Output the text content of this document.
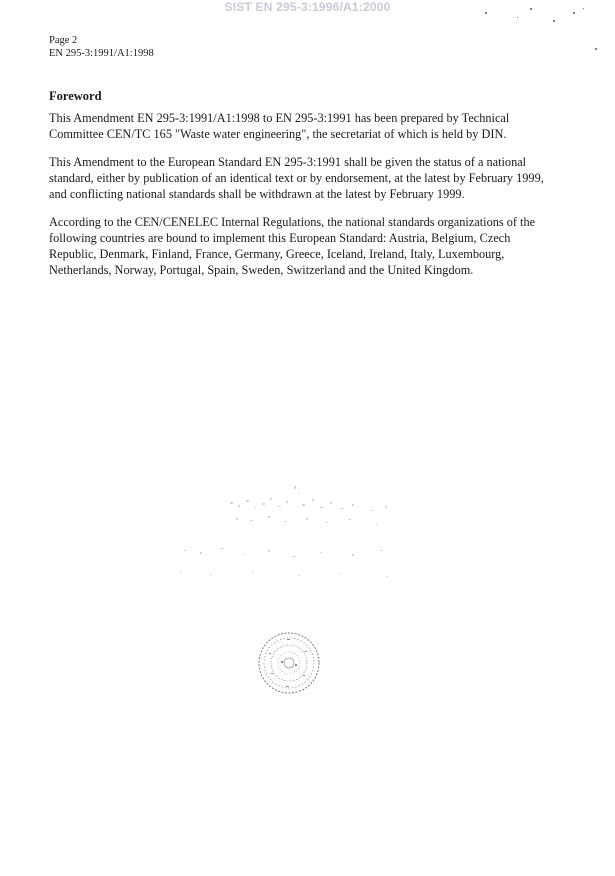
SIST EN 295-3:1996/A1:2000
Page 2
EN 295-3:1991/A1:1998
Foreword

This Amendment EN 295-3:1991/A1:1998 to EN 295-3:1991 has been prepared by Technical
Committee CEN/TC 165 "Waste water engineering", the secretariat of which is held by DIN.

This Amendment to the European Standard EN 295-3:1991 shall be given the status of a national
standard, either by publication of an identical text or by endorsement, at the latest by February 1999,
and conflicting national standards shall be withdrawn at the latest by February 1999.

According to the CEN/CENELEC Internal Regulations, the national standards organizations of the
following countries are bound to implement this European Standard: Austria, Belgium, Czech
Republic, Denmark, Finland, France, Germany, Greece, Iceland, Ireland, Italy, Luxembourg,
Netherlands, Norway, Portugal, Spain, Sweden, Switzerland and the United Kingdom.
